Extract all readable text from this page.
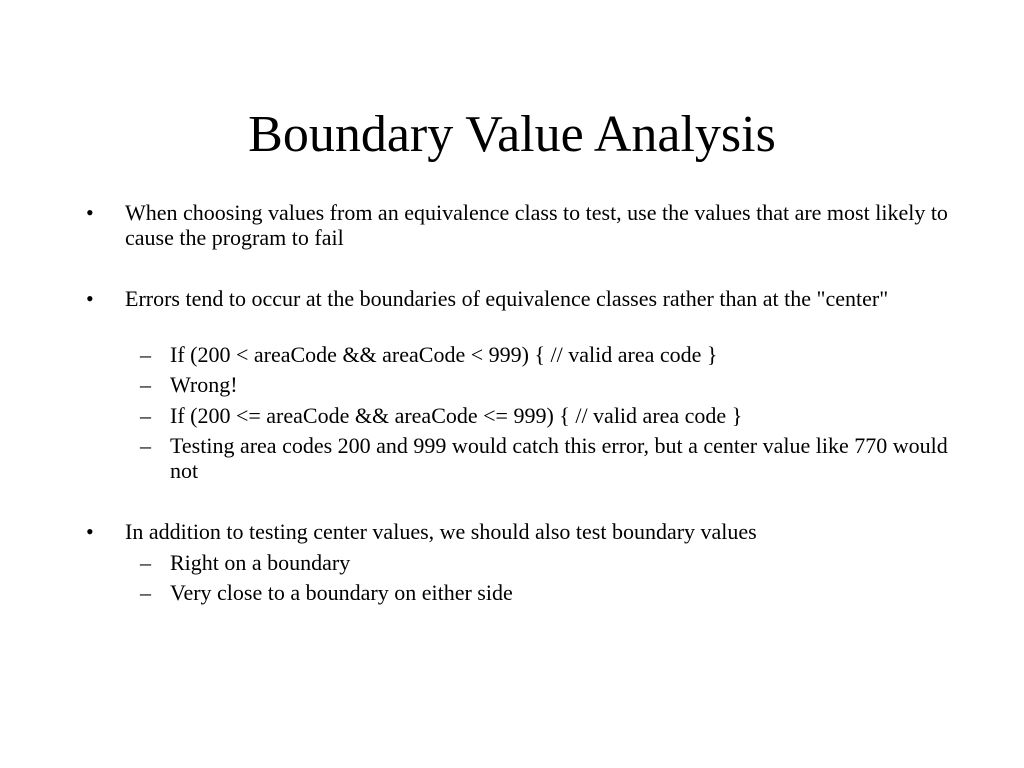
Boundary Value Analysis
• When choosing values from an equivalence class to test, use the values that are most likely to cause the program to fail
• Errors tend to occur at the boundaries of equivalence classes rather than at the "center"
– If (200 < areaCode && areaCode < 999) { // valid area code }
– Wrong!
– If (200 <= areaCode && areaCode <= 999) { // valid area code }
– Testing area codes 200 and 999 would catch this error, but a center value like 770 would not
• In addition to testing center values, we should also test boundary values
– Right on a boundary
– Very close to a boundary on either side
